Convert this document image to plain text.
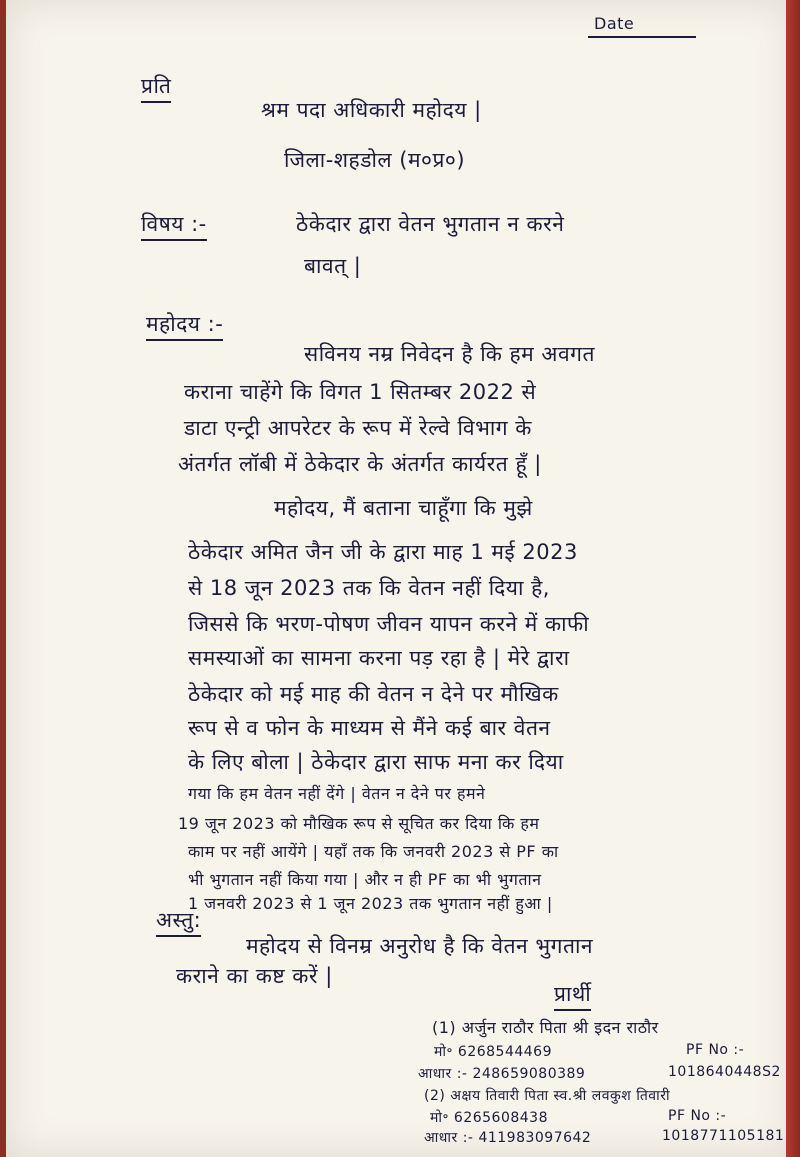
Date
प्रति
श्रम पदा अधिकारी महोदय |
जिला-शहडोल (म०प्र०)
विषय :-	ठेकेदार द्वारा वेतन भुगतान न करने
बावत् |
महोदय :-
सविनय नम्र निवेदन है कि हम अवगत
कराना चाहेंगे कि विगत 1 सितम्बर 2022 से
डाटा एन्ट्री आपरेटर के रूप में रेल्वे विभाग के
अंतर्गत लॉबी में ठेकेदार के अंतर्गत कार्यरत हूँ |
महोदय, मैं बताना चाहूँगा कि मुझे
ठेकेदार अमित जैन जी के द्वारा माह 1 मई 2023
से 18 जून 2023 तक कि वेतन नहीं दिया है,
जिससे कि भरण-पोषण जीवन यापन करने में काफी
समस्याओं का सामना करना पड़ रहा है | मेरे द्वारा
ठेकेदार को मई माह की वेतन न देने पर मौखिक
रूप से व फोन के माध्यम से मैंने कई बार वेतन
के लिए बोला | ठेकेदार द्वारा साफ मना कर दिया
गया कि हम वेतन नहीं देंगे | वेतन न देने पर हमने
19 जून 2023 को मौखिक रूप से सूचित कर दिया कि हम
काम पर नहीं आयेंगे | यहाँ तक कि जनवरी 2023 से PF का
भी भुगतान नहीं किया गया | और न ही PF का भी भुगतान
1 जनवरी 2023 से 1 जून 2023 तक भुगतान नहीं हुआ |
अस्तु:
महोदय से विनम्र अनुरोध है कि वेतन भुगतान
कराने का कष्ट करें |
प्रार्थी
(1) अर्जुन राठौर पिता श्री इदन राठौर
मो॰ 6268544469	PF No :-
आधार :- 248659080389	1018640448S2
(2) अक्षय तिवारी पिता स्व.श्री लवकुश तिवारी
मो॰ 6265608438	PF No :-
आधार :- 411983097642	1018771105181
